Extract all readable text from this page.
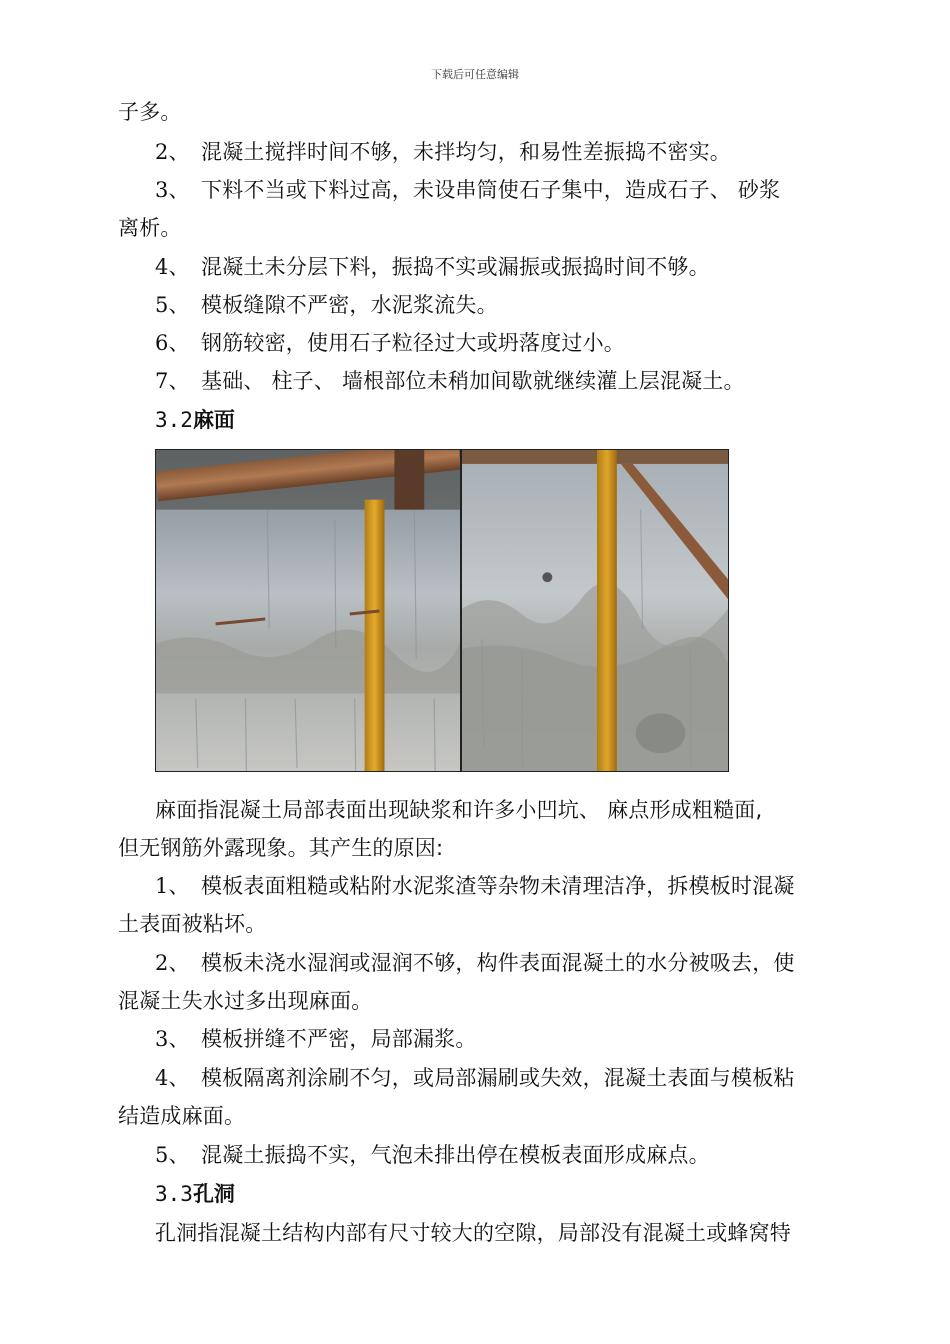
下载后可任意编辑
子多。
2、 混凝土搅拌时间不够，未拌均匀，和易性差振捣不密实。
3、 下料不当或下料过高，未设串筒使石子集中，造成石子、 砂浆
离析。
4、 混凝土未分层下料，振捣不实或漏振或振捣时间不够。
5、 模板缝隙不严密，水泥浆流失。
6、 钢筋较密，使用石子粒径过大或坍落度过小。
7、 基础、 柱子、 墙根部位未稍加间歇就继续灌上层混凝土。
3.2麻面
麻面指混凝土局部表面出现缺浆和许多小凹坑、 麻点形成粗糙面,
但无钢筋外露现象。其产生的原因:
1、 模板表面粗糙或粘附水泥浆渣等杂物未清理洁净，拆模板时混凝
土表面被粘坏。
2、 模板未浇水湿润或湿润不够，构件表面混凝土的水分被吸去，使
混凝土失水过多出现麻面。
3、 模板拼缝不严密，局部漏浆。
4、 模板隔离剂涂刷不匀，或局部漏刷或失效，混凝土表面与模板粘
结造成麻面。
5、 混凝土振捣不实，气泡未排出停在模板表面形成麻点。
3.3孔洞
孔洞指混凝土结构内部有尺寸较大的空隙，局部没有混凝土或蜂窝特
